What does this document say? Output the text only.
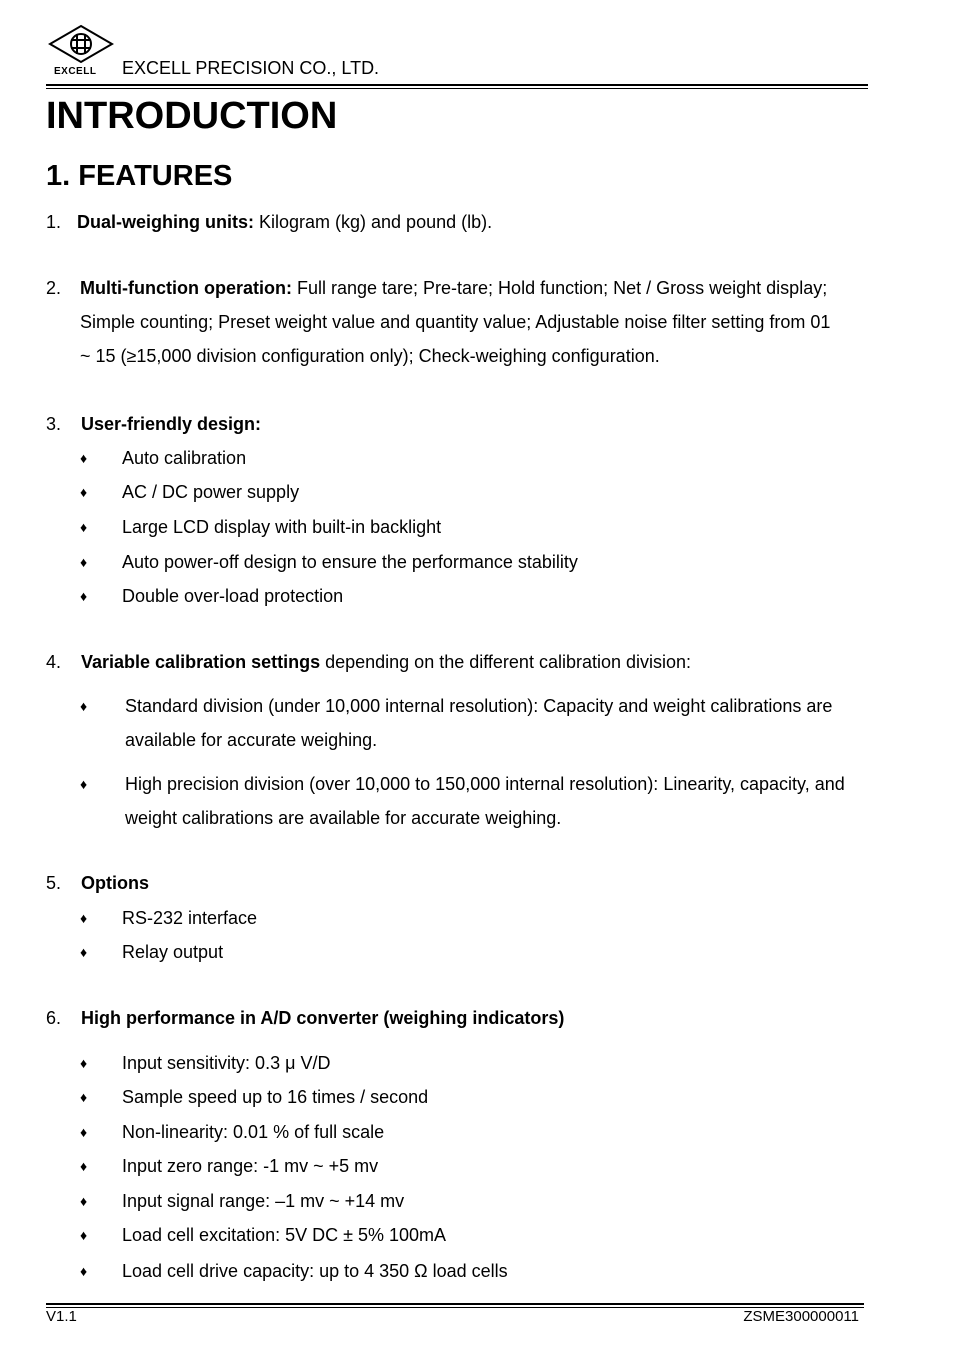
EXCELL EXCELL PRECISION CO., LTD.
INTRODUCTION
1. FEATURES
1. Dual-weighing units: Kilogram (kg) and pound (lb).
2. Multi-function operation: Full range tare; Pre-tare; Hold function; Net / Gross weight display; Simple counting; Preset weight value and quantity value; Adjustable noise filter setting from 01 ~ 15 (≥15,000 division configuration only); Check-weighing configuration.
3. User-friendly design:
♦ Auto calibration
♦ AC / DC power supply
♦ Large LCD display with built-in backlight
♦ Auto power-off design to ensure the performance stability
♦ Double over-load protection
4. Variable calibration settings depending on the different calibration division:
♦ Standard division (under 10,000 internal resolution): Capacity and weight calibrations are available for accurate weighing.
♦ High precision division (over 10,000 to 150,000 internal resolution): Linearity, capacity, and weight calibrations are available for accurate weighing.
5. Options
♦ RS-232 interface
♦ Relay output
6. High performance in A/D converter (weighing indicators)
♦ Input sensitivity: 0.3 μ V/D
♦ Sample speed up to 16 times / second
♦ Non-linearity: 0.01 % of full scale
♦ Input zero range: -1 mv ~ +5 mv
♦ Input signal range: –1 mv ~ +14 mv
♦ Load cell excitation: 5V DC ± 5% 100mA
♦ Load cell drive capacity: up to 4 350 Ω load cells
V1.1	ZSME300000011
